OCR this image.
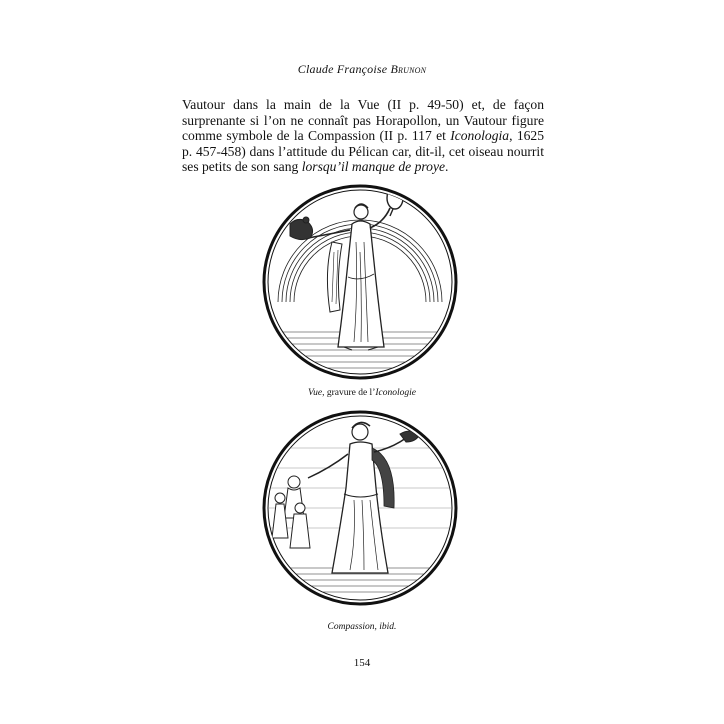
Claude Françoise Brunon
Vautour dans la main de la Vue (II p. 49-50) et, de façon surprenante si l’on ne connaît pas Horapollon, un Vautour figure comme symbole de la Compassion (II p. 117 et Iconologia, 1625 p. 457-458) dans l’attitude du Pélican car, dit-il, cet oiseau nourrit ses petits de son sang lorsqu’il manque de proye.
Vue, gravure de l’Iconologie
Compassion, ibid.
154
